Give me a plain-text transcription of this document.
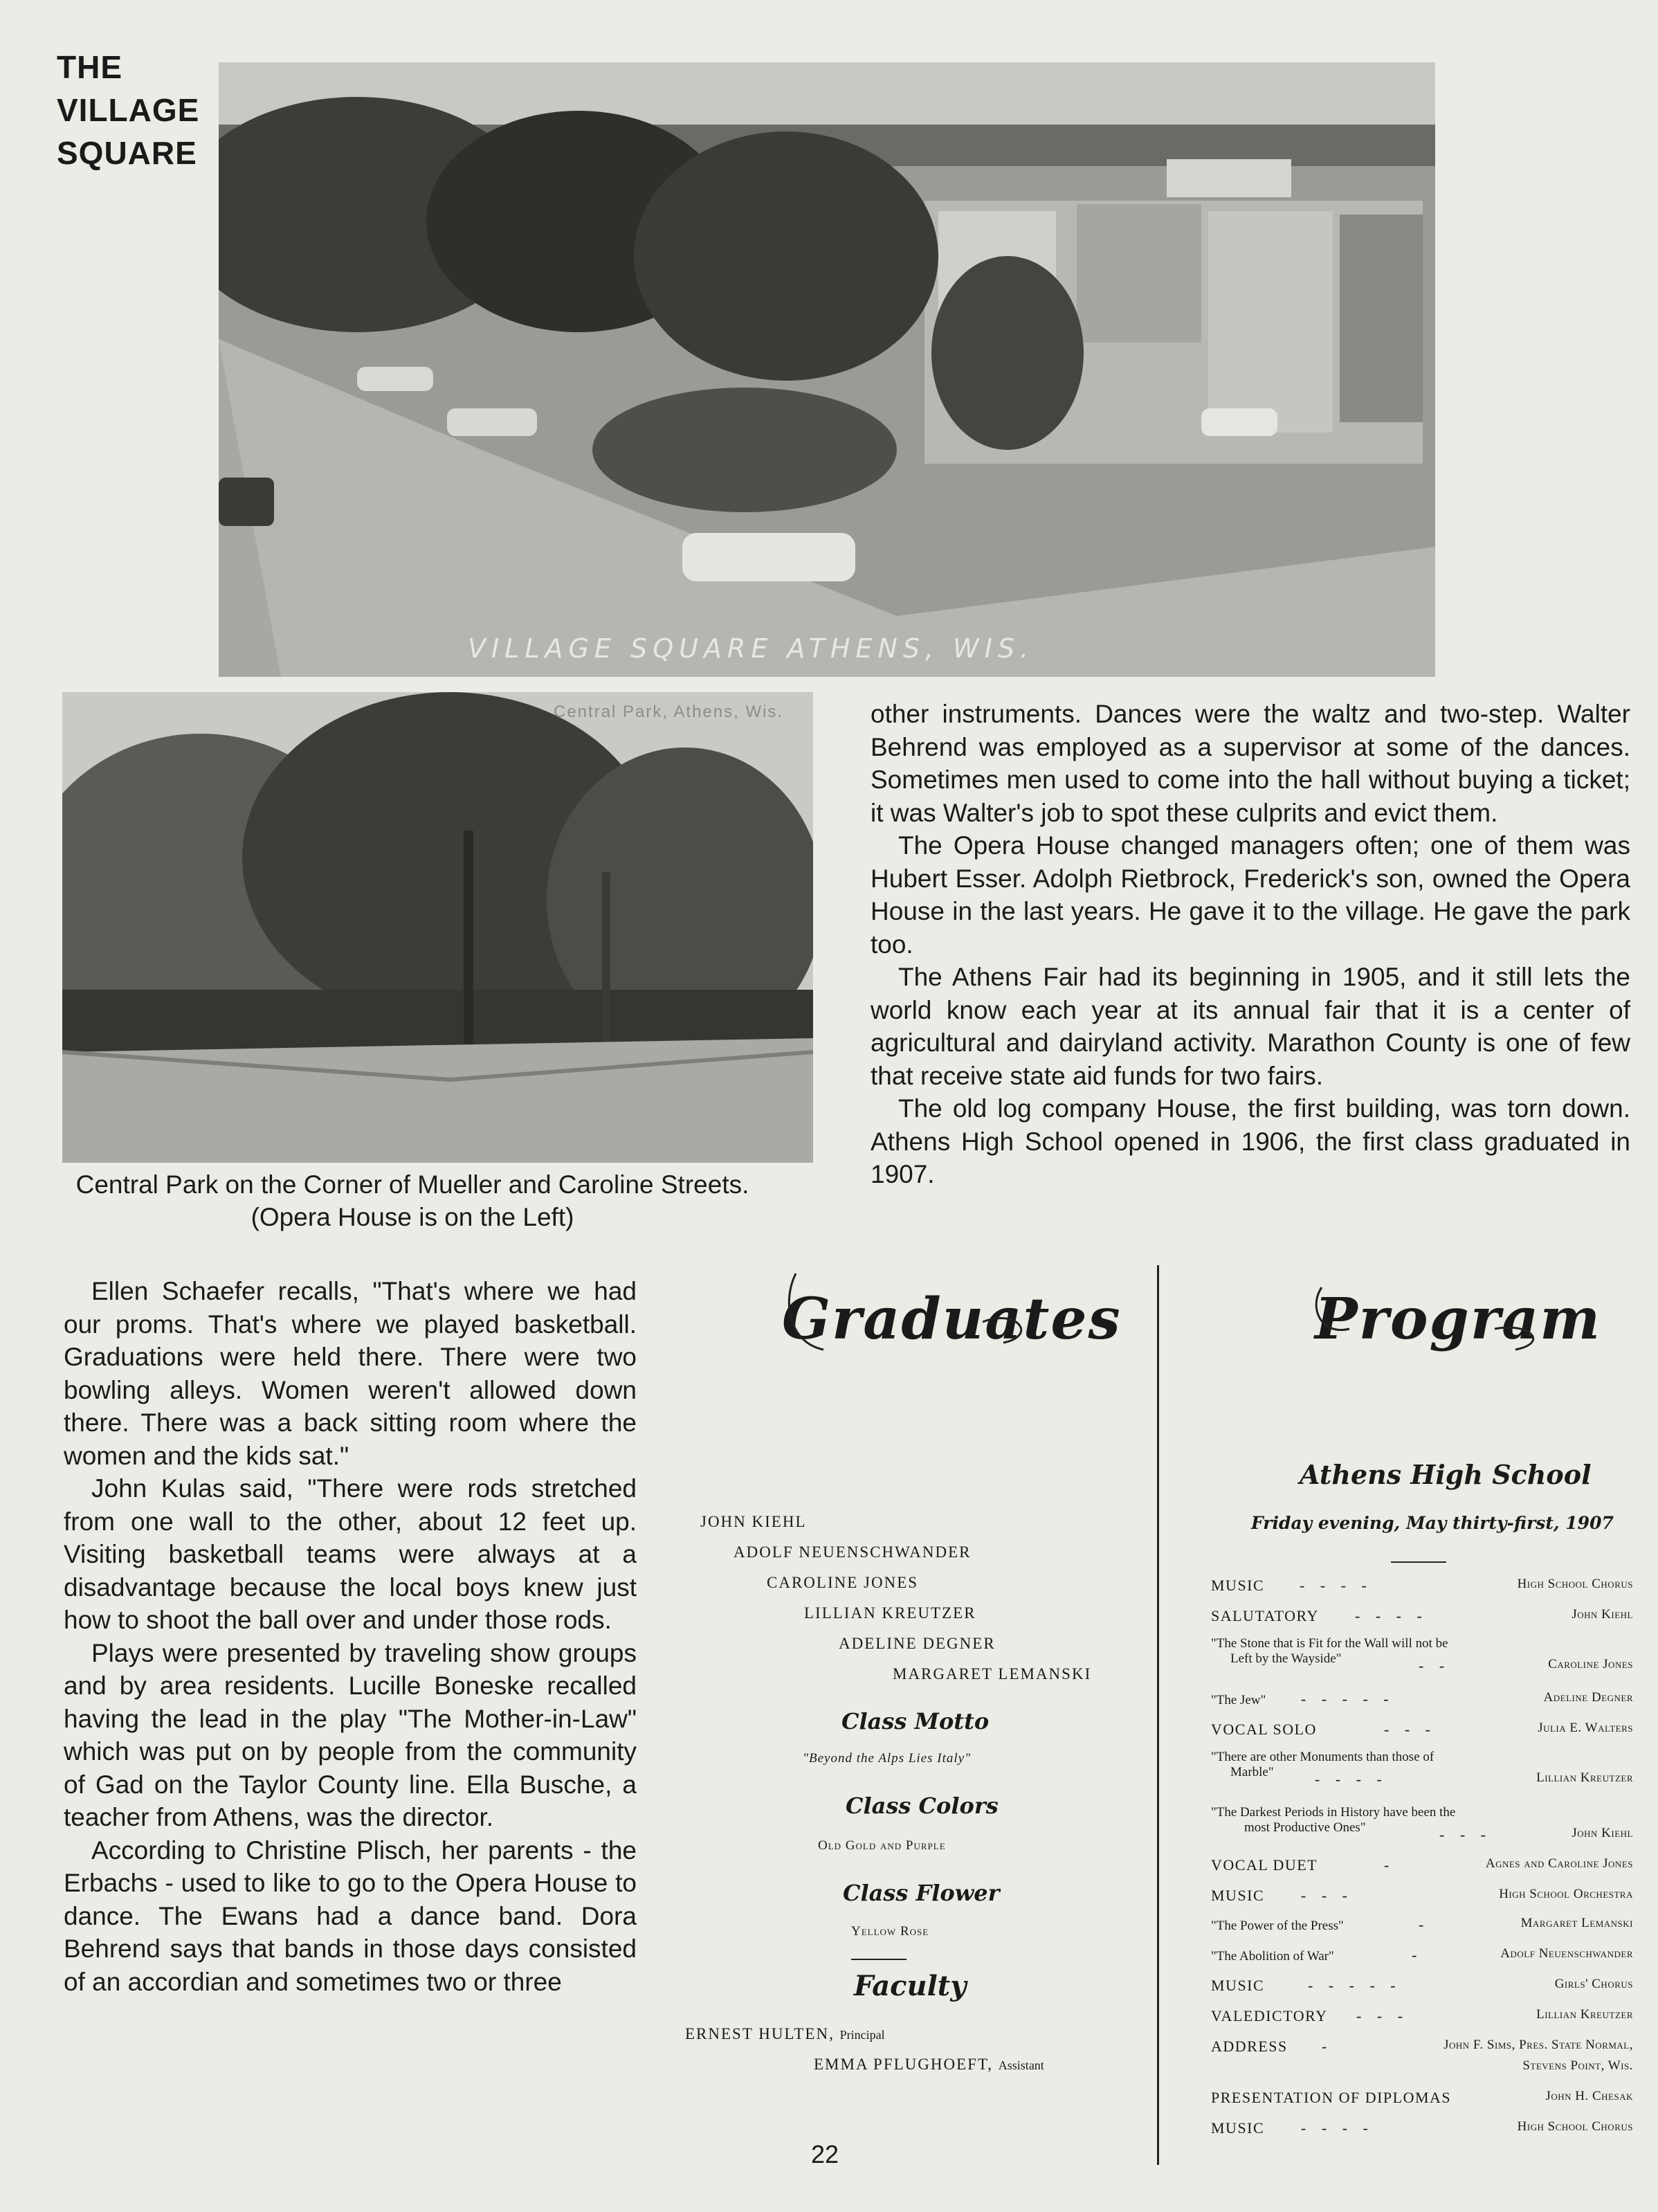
THE
VILLAGE
SQUARE
VILLAGE SQUARE ATHENS, WIS.
Central Park, Athens, Wis.
Central Park on the Corner of Mueller and Caroline Streets. (Opera House is on the Left)

other instruments. Dances were the waltz and two-step. Walter Behrend was employed as a supervisor at some of the dances. Sometimes men used to come into the hall without buying a ticket; it was Walter's job to spot these culprits and evict them.

The Opera House changed managers often; one of them was Hubert Esser. Adolph Rietbrock, Frederick's son, owned the Opera House in the last years. He gave it to the village. He gave the park too.

The Athens Fair had its beginning in 1905, and it still lets the world know each year at its annual fair that it is a center of agricultural and dairyland activity. Marathon County is one of few that receive state aid funds for two fairs.

The old log company House, the first building, was torn down. Athens High School opened in 1906, the first class graduated in 1907.

Ellen Schaefer recalls, "That's where we had our proms. That's where we played basketball. Graduations were held there. There were two bowling alleys. Women weren't allowed down there. There was a back sitting room where the women and the kids sat."

John Kulas said, "There were rods stretched from one wall to the other, about 12 feet up. Visiting basketball teams were always at a disadvantage because the local boys knew just how to shoot the ball over and under those rods.

Plays were presented by traveling show groups and by area residents. Lucille Boneske recalled having the lead in the play "The Mother-in-Law" which was put on by people from the community of Gad on the Taylor County line. Ella Busche, a teacher from Athens, was the director.

According to Christine Plisch, her parents - the Erbachs - used to like to go to the Opera House to dance. The Ewans had a dance band. Dora Behrend says that bands in those days consisted of an accordian and sometimes two or three

Graduates
JOHN KIEHL
ADOLF NEUENSCHWANDER
CAROLINE JONES
LILLIAN KREUTZER
ADELINE DEGNER
MARGARET LEMANSKI
Class Motto
"Beyond the Alps Lies Italy"
Class Colors
Old Gold and Purple
Class Flower
Yellow Rose
Faculty
ERNEST HULTEN, Principal
EMMA PFLUGHOEFT, Assistant
Program
Athens High School
Friday evening, May thirty-first, 1907
MUSIC -   -   -   -	High School Chorus
SALUTATORY -   -   -   -	John Kiehl
"The Stone that is Fit for the Wall will not be
Left by the Wayside"	-   -	Caroline Jones
"The Jew" -   -   -   -   -	Adeline Degner
VOCAL SOLO	-   -   -	Julia E. Walters
"There are other Monuments than those of
Marble"	-   -   -   -	Lillian Kreutzer
"The Darkest Periods in History have been the
most Productive Ones"	-   -   -	John Kiehl
VOCAL DUET	-	Agnes and Caroline Jones
MUSIC -   -   -	High School Orchestra
"The Power of the Press"	-	Margaret Lemanski
"The Abolition of War"	-	Adolf Neuenschwander
MUSIC	-   -   -   -   -	Girls' Chorus
VALEDICTORY -   -   -	Lillian Kreutzer
ADDRESS -	John F. Sims, Pres. State Normal,
Stevens Point, Wis.
PRESENTATION OF DIPLOMAS	John H. Chesak
MUSIC -   -   -   -	High School Chorus
22
